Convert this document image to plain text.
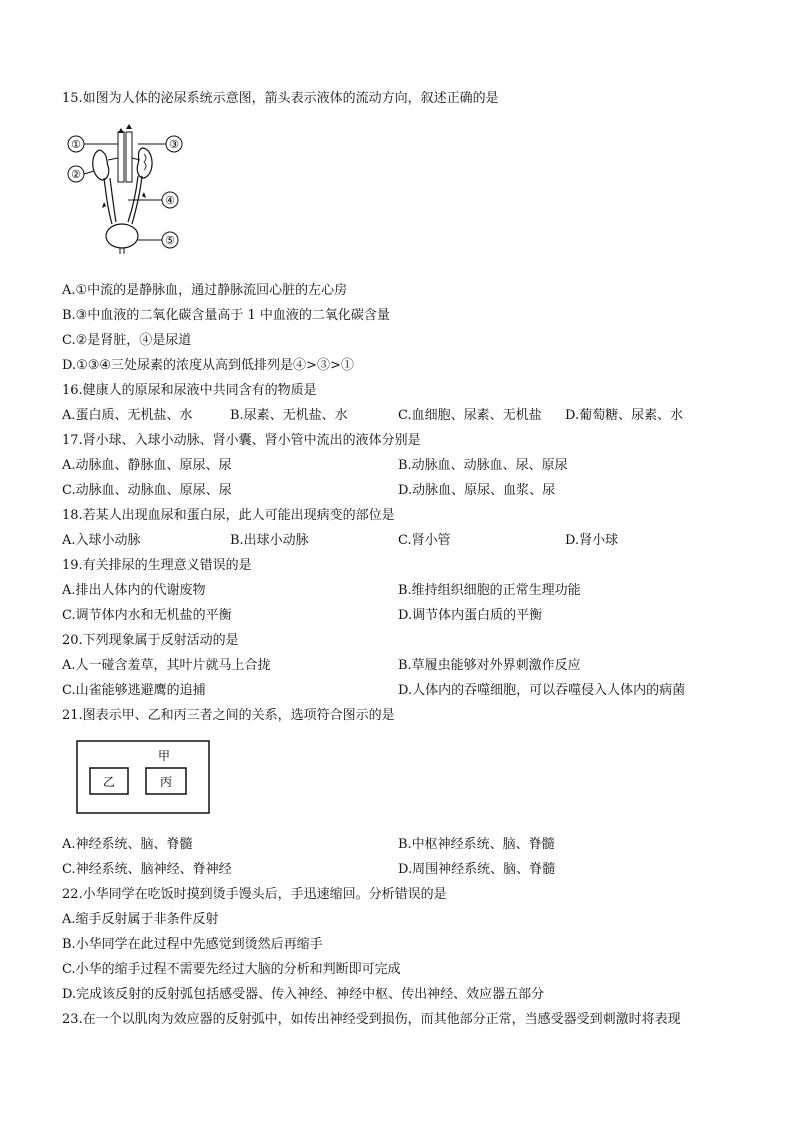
15.如图为人体的泌尿系统示意图，箭头表示液体的流动方向，叙述正确的是
①
②
③
④
⑤
A.①中流的是静脉血，通过静脉流回心脏的左心房
B.③中血液的二氧化碳含量高于 1 中血液的二氧化碳含量
C.②是肾脏，④是尿道
D.①③④三处尿素的浓度从高到低排列是④>③>①
16.健康人的原尿和尿液中共同含有的物质是
A.蛋白质、无机盐、水	B.尿素、无机盐、水	C.血细胞、尿素、无机盐 D.葡萄糖、尿素、水
17.肾小球、入球小动脉、肾小囊、肾小管中流出的液体分别是
A.动脉血、静脉血、原尿、尿	B.动脉血、动脉血、尿、原尿
C.动脉血、动脉血、原尿、尿	D.动脉血、原尿、血浆、尿
18.若某人出现血尿和蛋白尿，此人可能出现病变的部位是
A.入球小动脉	B.出球小动脉	C.肾小管	D.肾小球
19.有关排尿的生理意义错误的是
A.排出人体内的代谢废物	B.维持组织细胞的正常生理功能
C.调节体内水和无机盐的平衡	D.调节体内蛋白质的平衡
20.下列现象属于反射活动的是
A.人一碰含羞草，其叶片就马上合拢	B.草履虫能够对外界刺激作反应
C.山雀能够逃避鹰的追捕	D.人体内的吞噬细胞，可以吞噬侵入人体内的病菌
21.图表示甲、乙和丙三者之间的关系，选项符合图示的是
甲
乙	丙
A.神经系统、脑、脊髓	B.中枢神经系统、脑、脊髓
C.神经系统、脑神经、脊神经	D.周围神经系统、脑、脊髓
22.小华同学在吃饭时摸到烫手馒头后，手迅速缩回。分析错误的是
A.缩手反射属于非条件反射
B.小华同学在此过程中先感觉到烫然后再缩手
C.小华的缩手过程不需要先经过大脑的分析和判断即可完成
D.完成该反射的反射弧包括感受器、传入神经、神经中枢、传出神经、效应器五部分
23.在一个以肌肉为效应器的反射弧中，如传出神经受到损伤，而其他部分正常，当感受器受到刺激时将表现
